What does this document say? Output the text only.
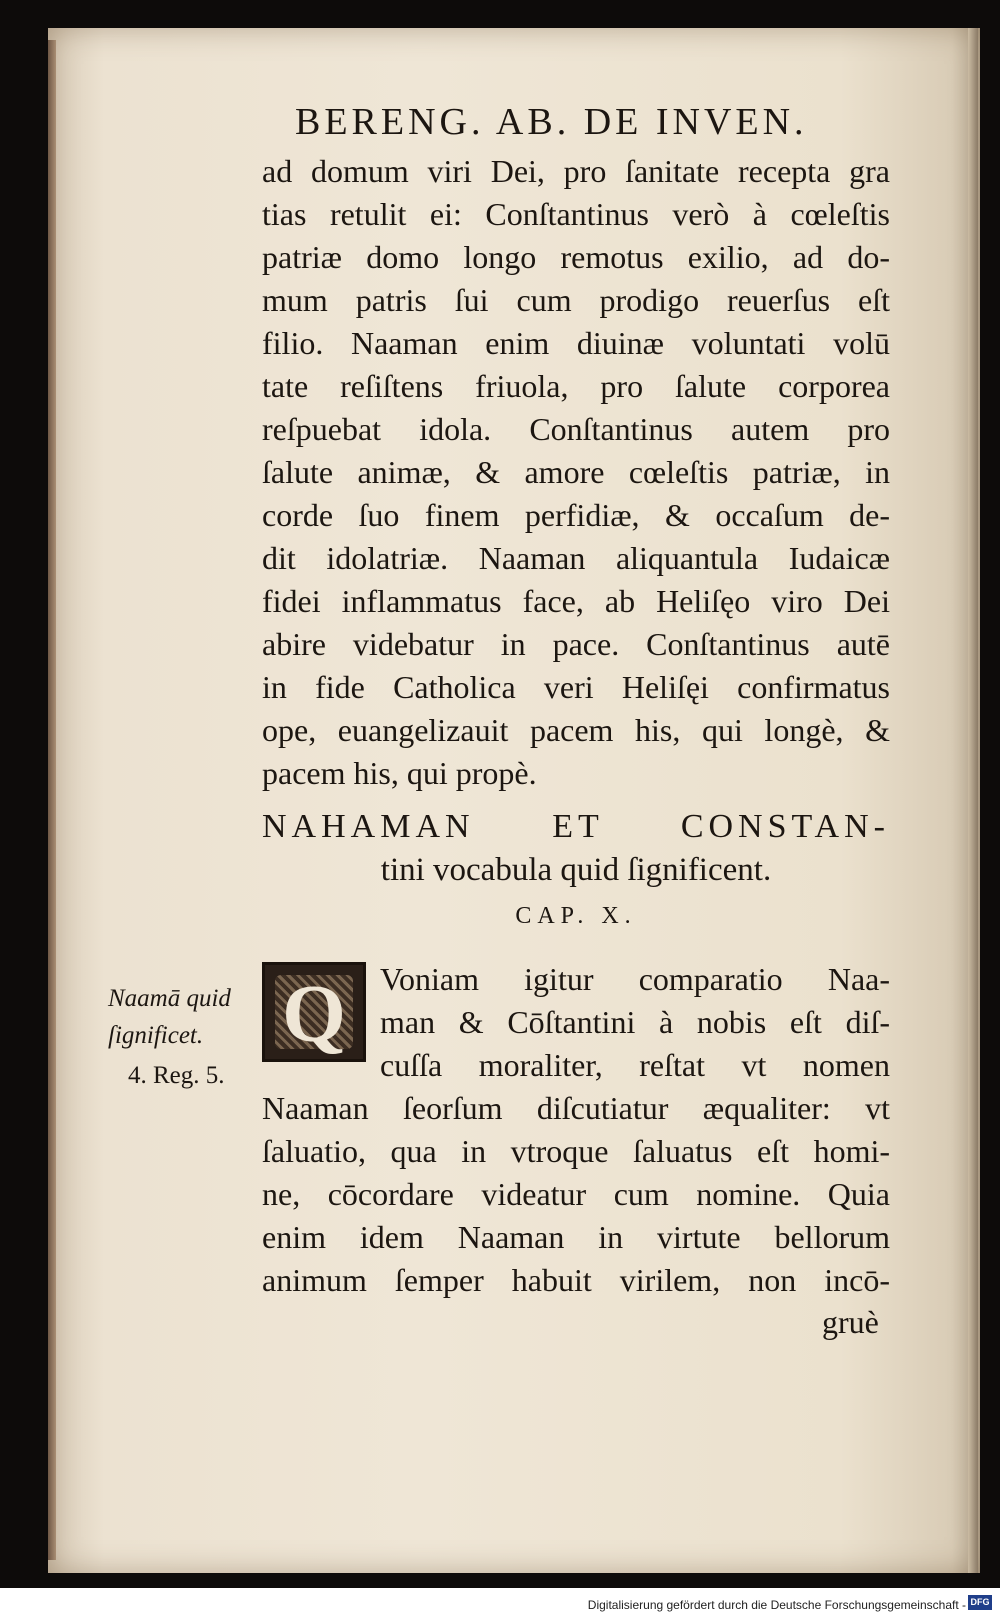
BERENG. AB. DE INVEN.
ad domum viri Dei, pro ſanitate recepta gra
tias retulit ei: Conſtantinus verò à cœleſtis
patriæ domo longo remotus exilio, ad do-
mum patris ſui cum prodigo reuerſus eſt
filio. Naaman enim diuinæ voluntati volū
tate reſiſtens friuola, pro ſalute corporea
reſpuebat idola. Conſtantinus autem pro
ſalute animæ, & amore cœleſtis patriæ, in
corde ſuo finem perfidiæ, & occaſum de-
dit idolatriæ. Naaman aliquantula Iudaicæ
fidei inflammatus face, ab Heliſęo viro Dei
abire videbatur in pace. Conſtantinus autē
in fide Catholica veri Heliſęi confirmatus
ope, euangelizauit pacem his, qui longè, &
pacem his, qui propè.
NAHAMAN ET CONSTAN-
tini vocabula quid ſignificent.
CAP. X.
Naamā quid
ſignificet.
4. Reg. 5.
Q	Voniam igitur comparatio Naa-
man & Cōſtantini à nobis eſt diſ-
cuſſa moraliter, reſtat vt nomen
Naaman ſeorſum diſcutiatur æqualiter: vt
ſaluatio, qua in vtroque ſaluatus eſt homi-
ne, cōcordare videatur cum nomine. Quia
enim idem Naaman in virtute bellorum
animum ſemper habuit virilem, non incō-
gruè
Digitalisierung gefördert durch die Deutsche Forschungsgemeinschaft - DFG
